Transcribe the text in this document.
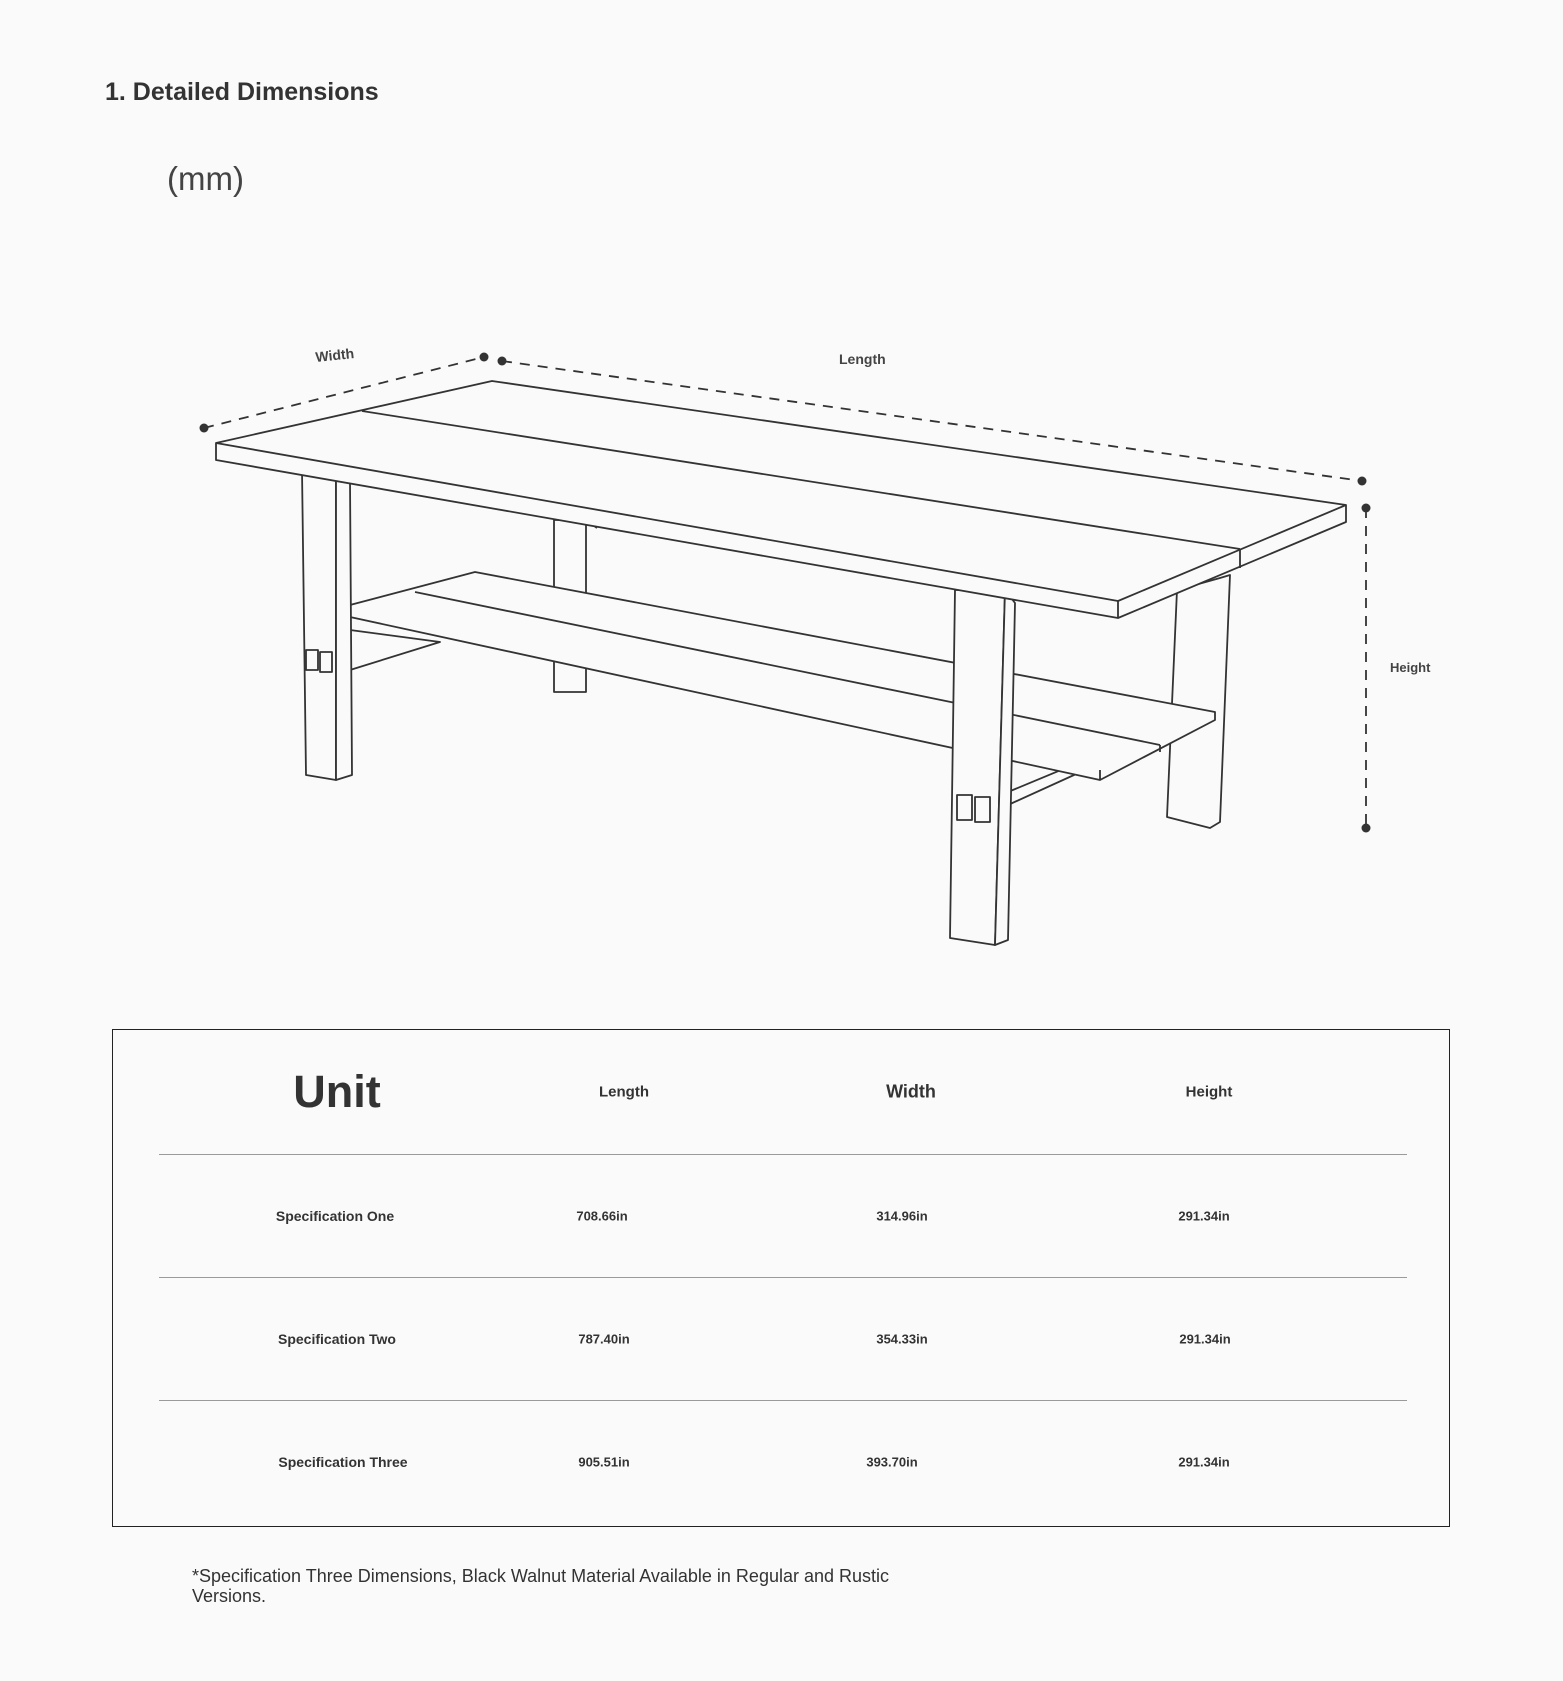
1. Detailed Dimensions
(mm)
Width	Length
Height
Unit	Length	Width	Height
Specification One	708.66in	314.96in	291.34in
Specification Two	787.40in	354.33in	291.34in
Specification Three	905.51in	393.70in	291.34in

*Specification Three Dimensions, Black Walnut Material Available in Regular and Rustic Versions.
